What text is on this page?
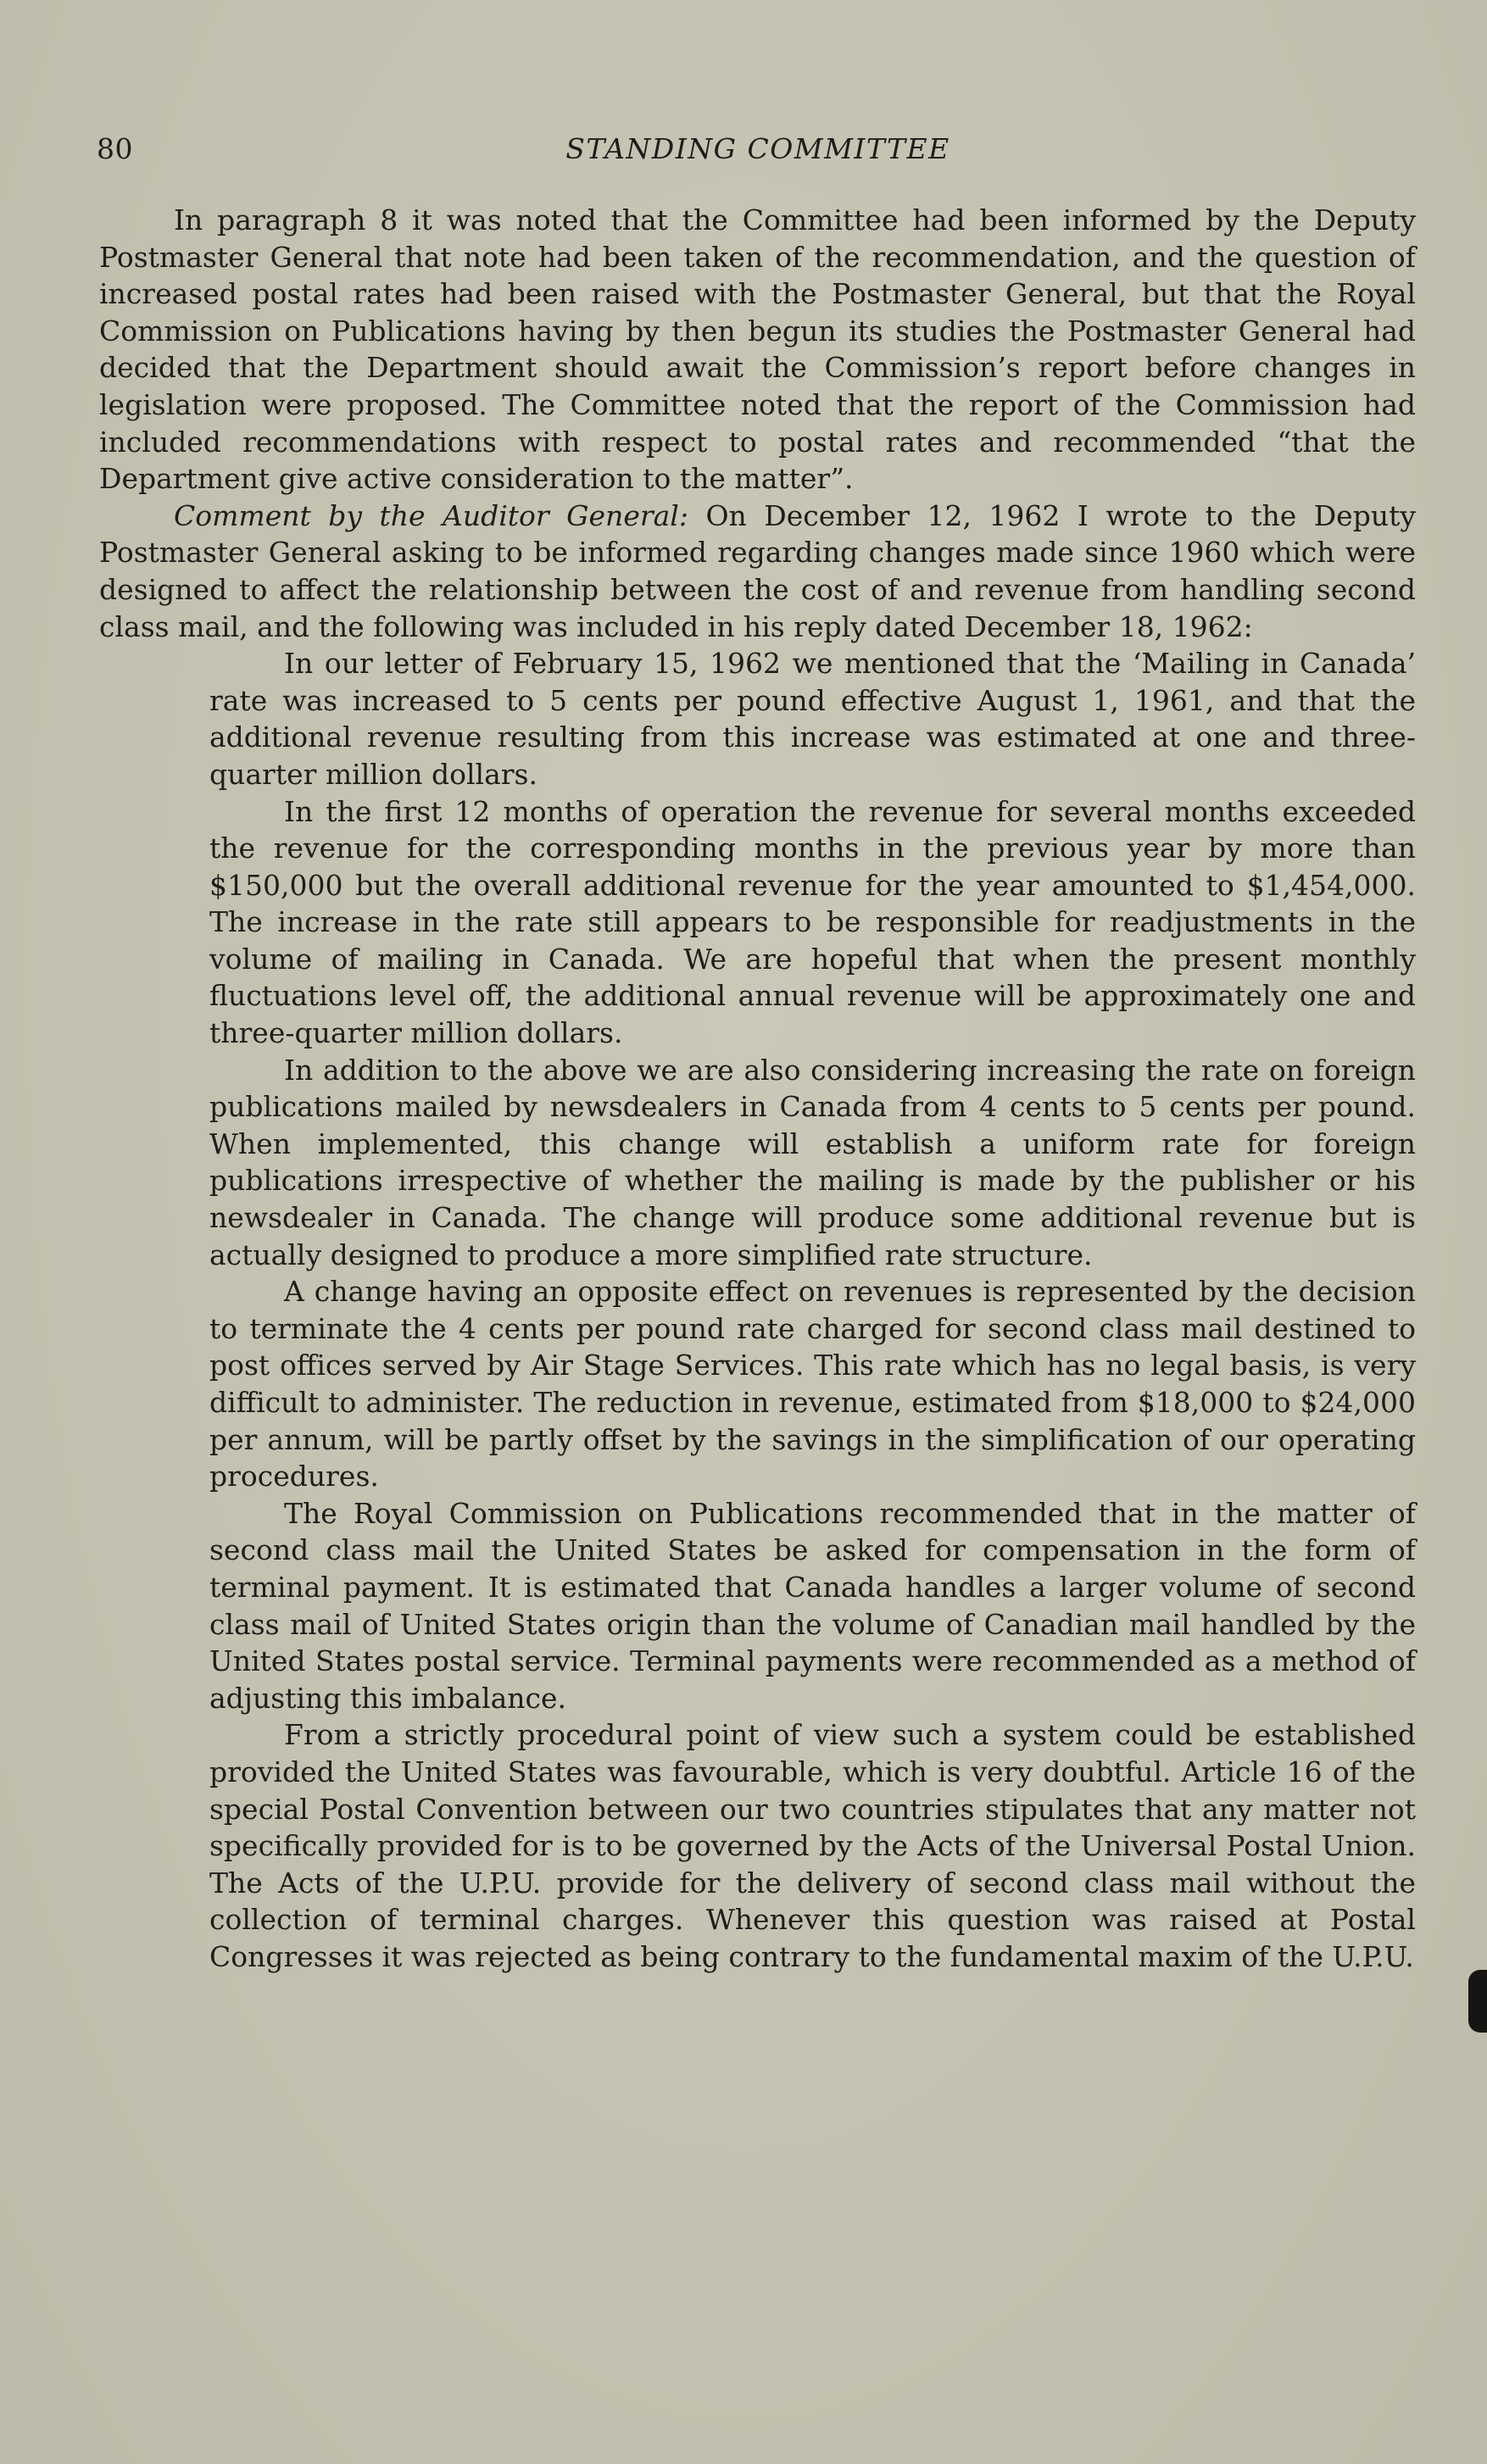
80	STANDING COMMITTEE

In paragraph 8 it was noted that the Committee had been informed by the Deputy Postmaster General that note had been taken of the recommendation, and the question of increased postal rates had been raised with the Postmaster General, but that the Royal Commission on Publications having by then begun its studies the Postmaster General had decided that the Department should await the Commission’s report before changes in legislation were proposed. The Committee noted that the report of the Commission had included recommendations with respect to postal rates and recommended “that the Department give active consideration to the matter”.

Comment by the Auditor General: On December 12, 1962 I wrote to the Deputy Postmaster General asking to be informed regarding changes made since 1960 which were designed to affect the relationship between the cost of and revenue from handling second class mail, and the following was included in his reply dated December 18, 1962:

In our letter of February 15, 1962 we mentioned that the ‘Mailing in Canada’ rate was increased to 5 cents per pound effective August 1, 1961, and that the additional revenue resulting from this increase was estimated at one and three-quarter million dollars.

In the first 12 months of operation the revenue for several months exceeded the revenue for the corresponding months in the previous year by more than $150,000 but the overall additional revenue for the year amounted to $1,454,000. The increase in the rate still appears to be responsible for readjustments in the volume of mailing in Canada. We are hopeful that when the present monthly fluctuations level off, the additional annual revenue will be approximately one and three-quarter million dollars.

In addition to the above we are also considering increasing the rate on foreign publications mailed by newsdealers in Canada from 4 cents to 5 cents per pound. When implemented, this change will establish a uniform rate for foreign publications irrespective of whether the mailing is made by the publisher or his newsdealer in Canada. The change will produce some additional revenue but is actually designed to produce a more simplified rate structure.

A change having an opposite effect on revenues is represented by the decision to terminate the 4 cents per pound rate charged for second class mail destined to post offices served by Air Stage Services. This rate which has no legal basis, is very difficult to administer. The reduction in revenue, estimated from $18,000 to $24,000 per annum, will be partly offset by the savings in the simplification of our operating procedures.

The Royal Commission on Publications recommended that in the matter of second class mail the United States be asked for compensation in the form of terminal payment. It is estimated that Canada handles a larger volume of second class mail of United States origin than the volume of Canadian mail handled by the United States postal service. Terminal payments were recommended as a method of adjusting this imbalance.

From a strictly procedural point of view such a system could be established provided the United States was favourable, which is very doubtful. Article 16 of the special Postal Convention between our two countries stipulates that any matter not specifically provided for is to be governed by the Acts of the Universal Postal Union. The Acts of the U.P.U. provide for the delivery of second class mail without the collection of terminal charges. Whenever this question was raised at Postal Congresses it was rejected as being contrary to the fundamental maxim of the U.P.U.
